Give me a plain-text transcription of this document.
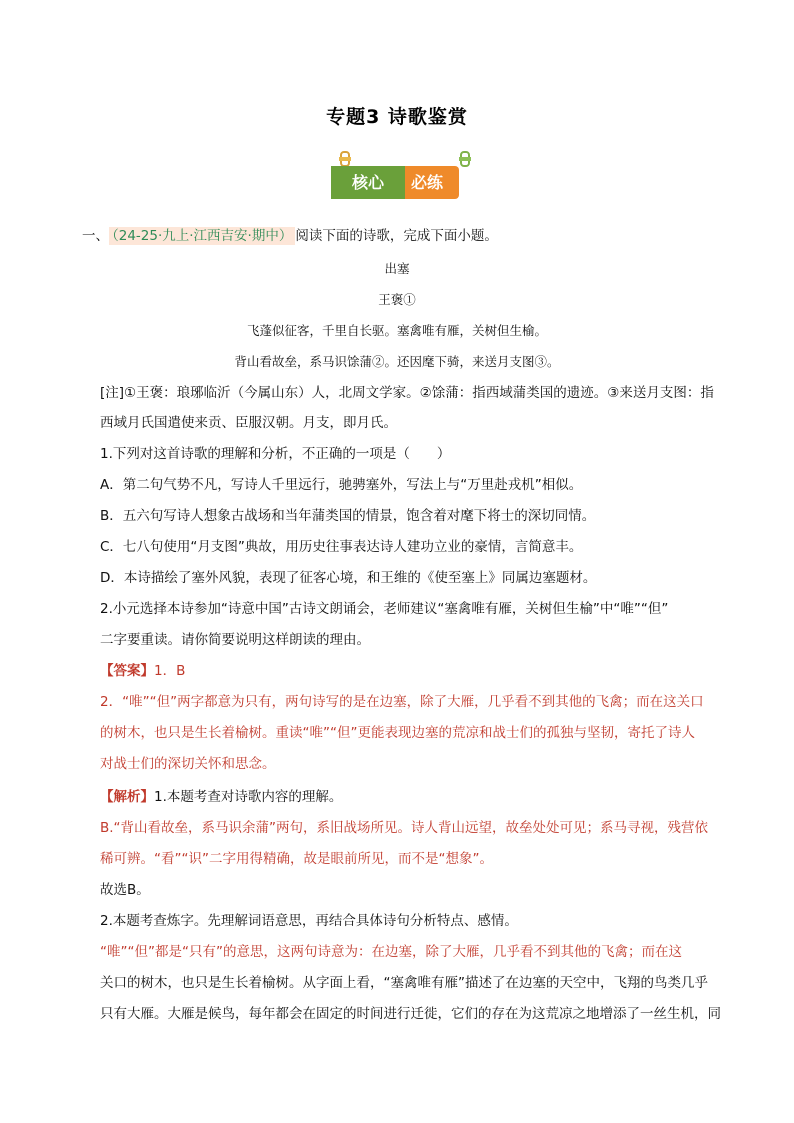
专题3 诗歌鉴赏
核心	必练
一、 （24-25·九上·江西吉安·期中） 阅读下面的诗歌，完成下面小题。
出塞
王褒①
飞蓬似征客，千里自长驱。塞禽唯有雁，关树但生榆。
背山看故垒，系马识馀蒲②。还因麾下骑，来送月支图③。
[注]①王褒：琅琊临沂（今属山东）人，北周文学家。②馀蒲：指西域蒲类国的遗迹。③来送月支图：指
西域月氏国遣使来贡、臣服汉朝。月支，即月氏。
1.下列对这首诗歌的理解和分析，不正确的一项是（　　）
A．第二句气势不凡，写诗人千里远行，驰骋塞外，写法上与“万里赴戎机”相似。
B．五六句写诗人想象古战场和当年蒲类国的情景，饱含着对麾下将士的深切同情。
C．七八句使用“月支图”典故，用历史往事表达诗人建功立业的豪情，言简意丰。
D．本诗描绘了塞外风貌，表现了征客心境，和王维的《使至塞上》同属边塞题材。
2.小元选择本诗参加“诗意中国”古诗文朗诵会，老师建议“塞禽唯有雁，关树但生榆”中“唯”“但”
二字要重读。请你简要说明这样朗读的理由。
【答案】1．B
2．“唯”“但”两字都意为只有，两句诗写的是在边塞，除了大雁，几乎看不到其他的飞禽；而在这关口
的树木，也只是生长着榆树。重读“唯”“但”更能表现边塞的荒凉和战士们的孤独与坚韧，寄托了诗人
对战士们的深切关怀和思念。
【解析】1.本题考查对诗歌内容的理解。
B.“背山看故垒，系马识余蒲”两句，系旧战场所见。诗人背山远望，故垒处处可见；系马寻视，残营依
稀可辨。“看”“识”二字用得精确，故是眼前所见，而不是“想象”。
故选B。
2.本题考查炼字。先理解词语意思，再结合具体诗句分析特点、感情。
“唯”“但”都是“只有”的意思，这两句诗意为：在边塞，除了大雁，几乎看不到其他的飞禽；而在这
关口的树木，也只是生长着榆树。从字面上看，“塞禽唯有雁”描述了在边塞的天空中，飞翔的鸟类几乎
只有大雁。大雁是候鸟，每年都会在固定的时间进行迁徙，它们的存在为这荒凉之地增添了一丝生机，同
